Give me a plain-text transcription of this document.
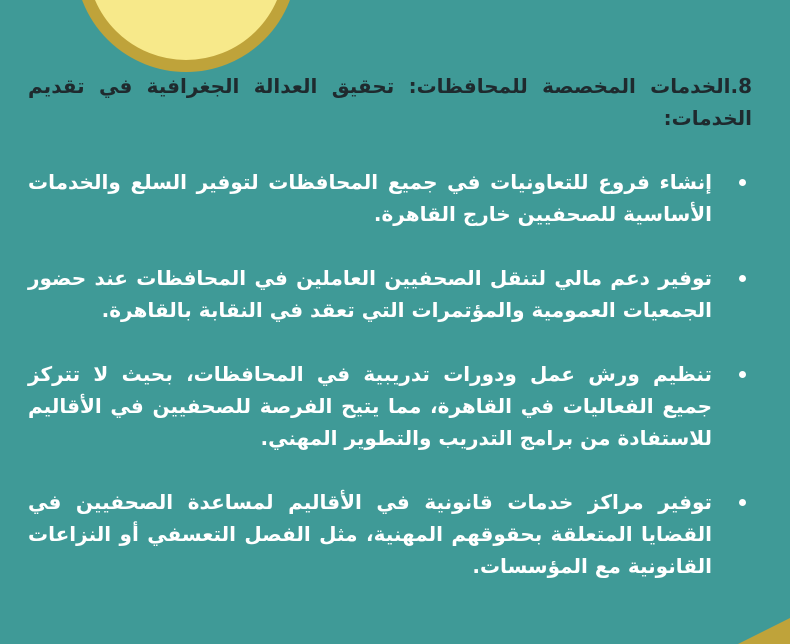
8.الخدمات المخصصة للمحافظات: تحقيق العدالة الجغرافية في تقديم الخدمات:

إنشاء فروع للتعاونيات في جميع المحافظات لتوفير السلع والخدمات الأساسية للصحفيين خارج القاهرة.
توفير دعم مالي لتنقل الصحفيين العاملين في المحافظات عند حضور الجمعيات العمومية والمؤتمرات التي تعقد في النقابة بالقاهرة.
تنظيم ورش عمل ودورات تدريبية في المحافظات، بحيث لا تتركز جميع الفعاليات في القاهرة، مما يتيح الفرصة للصحفيين في الأقاليم للاستفادة من برامج التدريب والتطوير المهني.
توفير مراكز خدمات قانونية في الأقاليم لمساعدة الصحفيين في القضايا المتعلقة بحقوقهم المهنية، مثل الفصل التعسفي أو النزاعات القانونية مع المؤسسات.
